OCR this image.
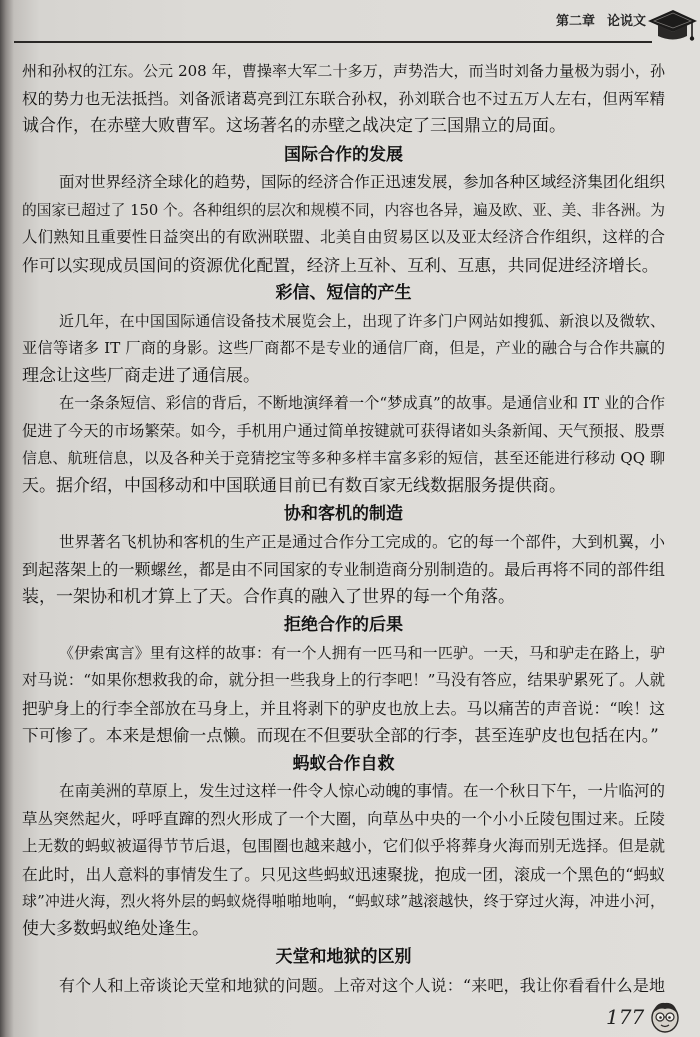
第二章 论说文
州和孙权的江东。公元 208 年，曹操率大军二十多万，声势浩大，而当时刘备力量极为弱小，孙
权的势力也无法抵挡。刘备派诸葛亮到江东联合孙权，孙刘联合也不过五万人左右，但两军精
诚合作，在赤壁大败曹军。这场著名的赤壁之战决定了三国鼎立的局面。
国际合作的发展
面对世界经济全球化的趋势，国际的经济合作正迅速发展，参加各种区域经济集团化组织
的国家已超过了 150 个。各种组织的层次和规模不同，内容也各异，遍及欧、亚、美、非各洲。为
人们熟知且重要性日益突出的有欧洲联盟、北美自由贸易区以及亚太经济合作组织，这样的合
作可以实现成员国间的资源优化配置，经济上互补、互利、互惠，共同促进经济增长。
彩信、短信的产生
近几年，在中国国际通信设备技术展览会上，出现了许多门户网站如搜狐、新浪以及微软、
亚信等诸多 IT 厂商的身影。这些厂商都不是专业的通信厂商，但是，产业的融合与合作共赢的
理念让这些厂商走进了通信展。
在一条条短信、彩信的背后，不断地演绎着一个“梦成真”的故事。是通信业和 IT 业的合作
促进了今天的市场繁荣。如今，手机用户通过简单按键就可获得诸如头条新闻、天气预报、股票
信息、航班信息，以及各种关于竞猜挖宝等多种多样丰富多彩的短信，甚至还能进行移动 QQ 聊
天。据介绍，中国移动和中国联通目前已有数百家无线数据服务提供商。
协和客机的制造
世界著名飞机协和客机的生产正是通过合作分工完成的。它的每一个部件，大到机翼，小
到起落架上的一颗螺丝，都是由不同国家的专业制造商分别制造的。最后再将不同的部件组
装，一架协和机才算上了天。合作真的融入了世界的每一个角落。
拒绝合作的后果
《伊索寓言》里有这样的故事：有一个人拥有一匹马和一匹驴。一天，马和驴走在路上，驴
对马说：“如果你想救我的命，就分担一些我身上的行李吧！”马没有答应，结果驴累死了。人就
把驴身上的行李全部放在马身上，并且将剥下的驴皮也放上去。马以痛苦的声音说：“唉！这
下可惨了。本来是想偷一点懒。而现在不但要驮全部的行李，甚至连驴皮也包括在内。”
蚂蚁合作自救
在南美洲的草原上，发生过这样一件令人惊心动魄的事情。在一个秋日下午，一片临河的
草丛突然起火，呼呼直蹿的烈火形成了一个大圈，向草丛中央的一个小小丘陵包围过来。丘陵
上无数的蚂蚁被逼得节节后退，包围圈也越来越小，它们似乎将葬身火海而别无选择。但是就
在此时，出人意料的事情发生了。只见这些蚂蚁迅速聚拢，抱成一团，滚成一个黑色的“蚂蚁
球”冲进火海，烈火将外层的蚂蚁烧得啪啪地响，“蚂蚁球”越滚越快，终于穿过火海，冲进小河，
使大多数蚂蚁绝处逢生。
天堂和地狱的区别
有个人和上帝谈论天堂和地狱的问题。上帝对这个人说：“来吧，我让你看看什么是地
177
